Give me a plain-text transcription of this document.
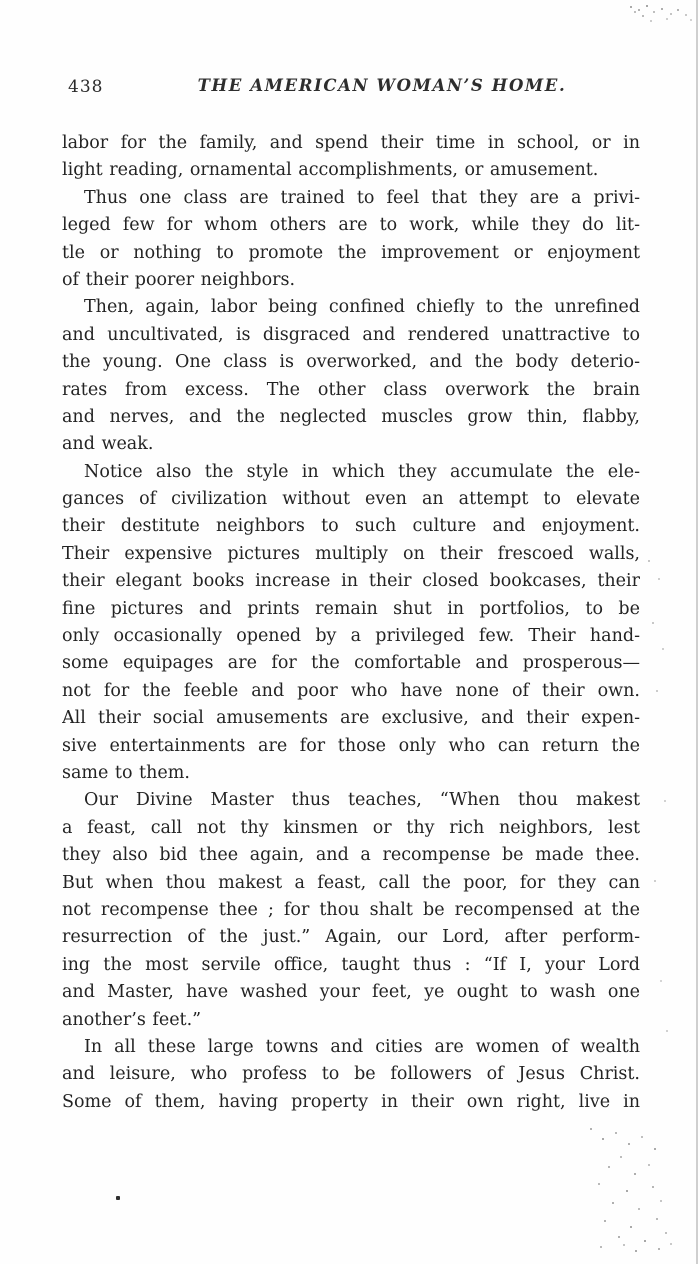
438	THE AMERICAN WOMAN’S HOME.
labor for the family, and spend their time in school, or in
light reading, ornamental accomplishments, or amusement.
Thus one class are trained to feel that they are a privi-
leged few for whom others are to work, while they do lit-
tle or nothing to promote the improvement or enjoyment
of their poorer neighbors.
Then, again, labor being confined chiefly to the unrefined
and uncultivated, is disgraced and rendered unattractive to
the young. One class is overworked, and the body deterio-
rates from excess. The other class overwork the brain
and nerves, and the neglected muscles grow thin, flabby,
and weak.
Notice also the style in which they accumulate the ele-
gances of civilization without even an attempt to elevate
their destitute neighbors to such culture and enjoyment.
Their expensive pictures multiply on their frescoed walls,
their elegant books increase in their closed bookcases, their
fine pictures and prints remain shut in portfolios, to be
only occasionally opened by a privileged few. Their hand-
some equipages are for the comfortable and prosperous—
not for the feeble and poor who have none of their own.
All their social amusements are exclusive, and their expen-
sive entertainments are for those only who can return the
same to them.
Our Divine Master thus teaches, “When thou makest
a feast, call not thy kinsmen or thy rich neighbors, lest
they also bid thee again, and a recompense be made thee.
But when thou makest a feast, call the poor, for they can
not recompense thee ; for thou shalt be recompensed at the
resurrection of the just.” Again, our Lord, after perform-
ing the most servile office, taught thus : “If I, your Lord
and Master, have washed your feet, ye ought to wash one
another’s feet.”
In all these large towns and cities are women of wealth
and leisure, who profess to be followers of Jesus Christ.
Some of them, having property in their own right, live in
